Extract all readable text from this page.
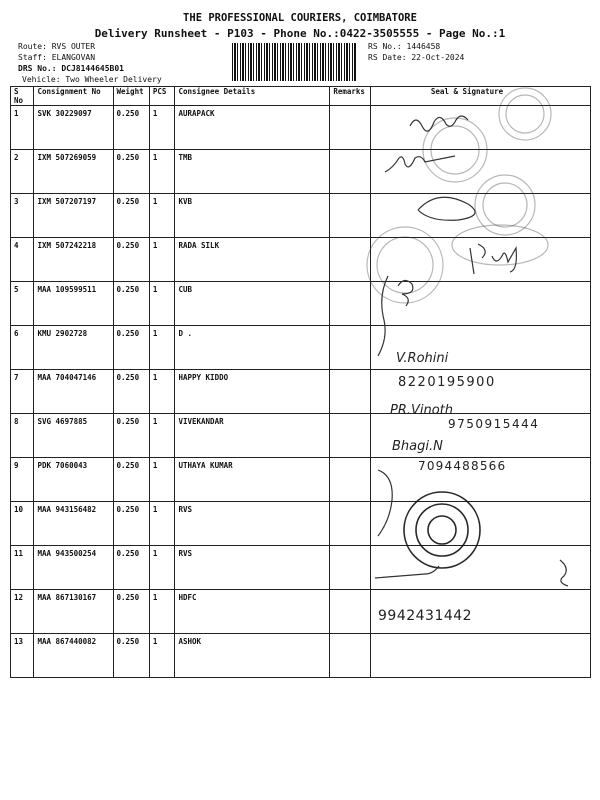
THE PROFESSIONAL COURIERS, COIMBATORE
Delivery Runsheet - P103 - Phone No.:0422-3505555 - Page No.:1
Route: RVS OUTER
Staff: ELANGOVAN
DRS No.: DCJ8144645B01
Vehicle: Two Wheeler Delivery
RS No.: 1446458
RS Date: 22-Oct-2024
S No	Consignment No	Weight	PCS	Consignee Details	Remarks	Seal & Signature
1	SVK 30229097	0.250	1	AURAPACK		
2	IXM 507269059	0.250	1	TMB		
3	IXM 507207197	0.250	1	KVB		
4	IXM 507242218	0.250	1	RADA SILK		
5	MAA 109599511	0.250	1	CUB		
6	KMU 2902728	0.250	1	D .		
7	MAA 704047146	0.250	1	HAPPY KIDDO		
8	SVG 4697885	0.250	1	VIVEKANDAR		
9	PDK 7060043	0.250	1	UTHAYA KUMAR		
10	MAA 943156482	0.250	1	RVS		
11	MAA 943500254	0.250	1	RVS		
12	MAA 867130167	0.250	1	HDFC		
13	MAA 867440082	0.250	1	ASHOK		
V.Rohini
8220195900
PR.Vinoth
9750915444
Bhagi.N
7094488566
9942431442
